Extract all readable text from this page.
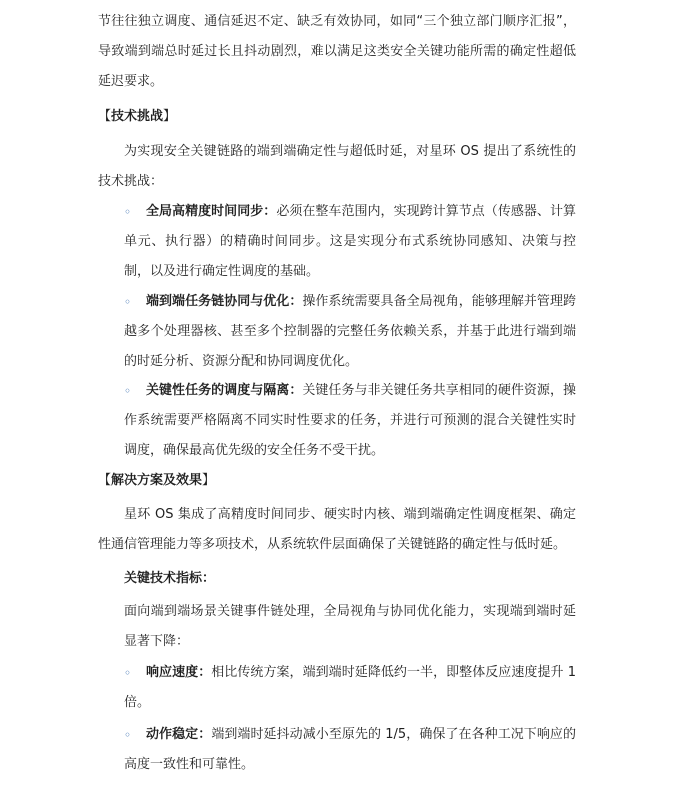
节往往独立调度、通信延迟不定、缺乏有效协同，如同“三个独立部门顺序汇报”，导致端到端总时延过长且抖动剧烈，难以满足这类安全关键功能所需的确定性超低延迟要求。

【技术挑战】

为实现安全关键链路的端到端确定性与超低时延，对星环 OS 提出了系统性的技术挑战：

◦	全局高精度时间同步：必须在整车范围内，实现跨计算节点（传感器、计算单元、执行器）的精确时间同步。这是实现分布式系统协同感知、决策与控制，以及进行确定性调度的基础。
◦	端到端任务链协同与优化：操作系统需要具备全局视角，能够理解并管理跨越多个处理器核、甚至多个控制器的完整任务依赖关系，并基于此进行端到端的时延分析、资源分配和协同调度优化。
◦	关键性任务的调度与隔离：关键任务与非关键任务共享相同的硬件资源，操作系统需要严格隔离不同实时性要求的任务，并进行可预测的混合关键性实时调度，确保最高优先级的安全任务不受干扰。
【解决方案及效果】

星环 OS 集成了高精度时间同步、硬实时内核、端到端确定性调度框架、确定性通信管理能力等多项技术，从系统软件层面确保了关键链路的确定性与低时延。

关键技术指标：

面向端到端场景关键事件链处理，全局视角与协同优化能力，实现端到端时延显著下降：

◦	响应速度：相比传统方案，端到端时延降低约一半，即整体反应速度提升 1 倍。
◦	动作稳定：端到端时延抖动减小至原先的 1/5，确保了在各种工况下响应的高度一致性和可靠性。
